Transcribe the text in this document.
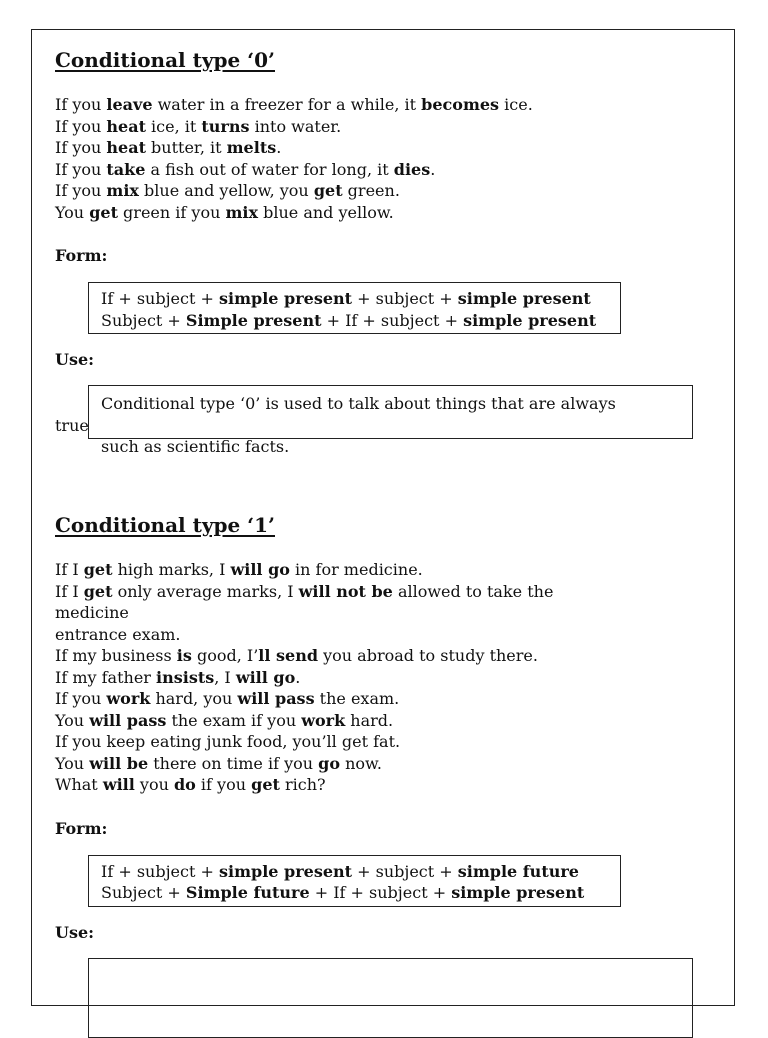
Conditional type ‘0’
If you leave water in a freezer for a while, it becomes ice.
If you heat ice, it turns into water.
If you heat butter, it melts.
If you take a fish out of water for long, it dies.
If you mix blue and yellow, you get green.
You get green if you mix blue and yellow.
Form:
If + subject + simple present + subject + simple present
Subject + Simple present + If + subject + simple present
Use:
Conditional type ‘0’ is used to talk about things that are always
true
such as scientific facts.
Conditional type ‘1’
If I get high marks, I will go in for medicine.
If I get only average marks, I will not be allowed to take the
medicine
entrance exam.
If my business is good, I’ll send you abroad to study there.
If my father insists, I will go.
If you work hard, you will pass the exam.
You will pass the exam if you work hard.
If you keep eating junk food, you’ll get fat.
You will be there on time if you go now.
What will you do if you get rich?
Form:
If + subject + simple present + subject + simple future
Subject + Simple future + If + subject + simple present
Use:
